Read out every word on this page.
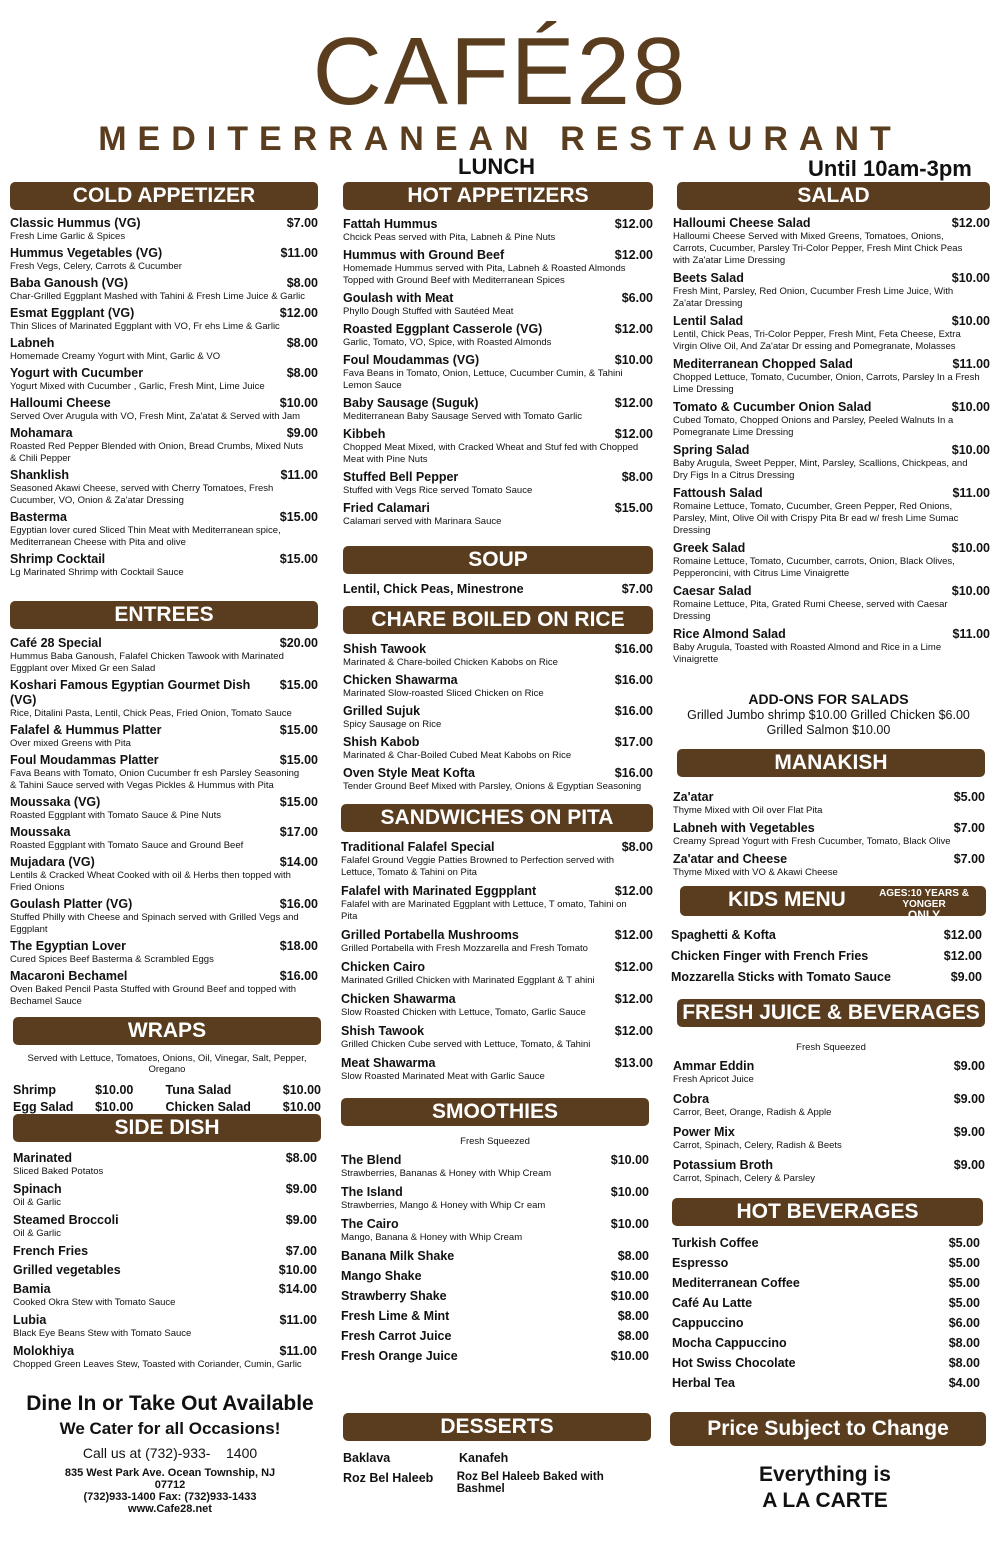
CAFÉ28
MEDITERRANEAN RESTAURANT
LUNCH	Until 10am-3pm
COLD APPETIZER
Classic Hummus (VG)	$7.00
Fresh Lime Garlic & Spices
Hummus Vegetables (VG)	$11.00
Fresh Vegs, Celery, Carrots & Cucumber
Baba Ganoush (VG)	$8.00
Char-Grilled Eggplant Mashed with Tahini & Fresh Lime Juice & Garlic
Esmat Eggplant (VG)	$12.00
Thin Slices of Marinated Eggplant with VO, Fr ehs Lime & Garlic
Labneh	$8.00
Homemade Creamy Yogurt with Mint, Garlic & VO
Yogurt with Cucumber	$8.00
Yogurt Mixed with Cucumber , Garlic, Fresh Mint, Lime Juice
Halloumi Cheese	$10.00
Served Over Arugula with VO, Fresh Mint, Za'atat & Served with Jam
Mohamara	$9.00
Roasted Red Pepper Blended with Onion, Bread Crumbs, Mixed Nuts & Chili Pepper
Shanklish	$11.00
Seasoned Akawi Cheese, served with Cherry Tomatoes, Fresh Cucumber, VO, Onion & Za'atar Dressing
Basterma	$15.00
Egyptian lover cured Sliced Thin Meat with Mediterranean spice, Mediterranean Cheese with Pita and olive
Shrimp Cocktail	$15.00
Lg Marinated Shrimp with Cocktail Sauce
ENTREES
Café 28 Special	$20.00
Hummus Baba Ganoush, Falafel Chicken Tawook with Marinated Eggplant over Mixed Gr een Salad
Koshari Famous Egyptian Gourmet Dish (VG)
$15.00
Rice, Ditalini Pasta, Lentil, Chick Peas, Fried Onion, Tomato Sauce
Falafel & Hummus Platter	$15.00
Over mixed Greens with Pita
Foul Moudammas Platter	$15.00
Fava Beans with Tomato, Onion Cucumber fr esh Parsley Seasoning & Tahini Sauce served with Vegas Pickles & Hummus with Pita
Moussaka (VG)	$15.00
Roasted Eggplant with Tomato Sauce & Pine Nuts
Moussaka	$17.00
Roasted Eggplant with Tomato Sauce and Ground Beef
Mujadara (VG)	$14.00
Lentils & Cracked Wheat Cooked with oil & Herbs then topped with Fried Onions
Goulash Platter (VG)	$16.00
Stuffed Philly with Cheese and Spinach served with Grilled Vegs and Eggplant
The Egyptian Lover	$18.00
Cured Spices Beef Basterma & Scrambled Eggs
Macaroni Bechamel	$16.00
Oven Baked Pencil Pasta Stuffed with Ground Beef and topped with Bechamel Sauce
WRAPS
Served with Lettuce, Tomatoes, Onions, Oil, Vinegar, Salt, Pepper, Oregano
Shrimp	$10.00	Tuna Salad	$10.00
Egg Salad	$10.00	Chicken Salad	$10.00
SIDE DISH
Marinated	$8.00
Sliced Baked Potatos
Spinach	$9.00
Oil & Garlic
Steamed Broccoli	$9.00
Oil & Garlic
French Fries	$7.00
Grilled vegetables	$10.00
Bamia	$14.00
Cooked Okra Stew with Tomato Sauce
Lubia	$11.00
Black Eye Beans Stew with Tomato Sauce
Molokhiya	$11.00
Chopped Green Leaves Stew, Toasted with Coriander, Cumin, Garlic
Dine In or Take Out Available
We Cater for all Occasions!
Call us at (732)-933-    1400
835 West Park Ave. Ocean Township, NJ
07712
(732)933-1400 Fax: (732)933-1433
www.Cafe28.net
HOT APPETIZERS
Fattah Hummus	$12.00
Chcick Peas served with Pita, Labneh & Pine Nuts
Hummus with Ground Beef	$12.00
Homemade Hummus served with Pita, Labneh & Roasted Almonds Topped with Ground Beef with Mediterranean Spices
Goulash with Meat	$6.00
Phyllo Dough Stuffed with Sautéed Meat
Roasted Eggplant Casserole (VG)	$12.00
Garlic, Tomato, VO, Spice, with Roasted Almonds
Foul Moudammas (VG)	$10.00
Fava Beans in Tomato, Onion, Lettuce, Cucumber Cumin, & Tahini Lemon Sauce
Baby Sausage (Suguk)	$12.00
Mediterranean Baby Sausage Served with Tomato Garlic
Kibbeh	$12.00
Chopped Meat Mixed, with Cracked Wheat and Stuf fed with Chopped Meat with Pine Nuts
Stuffed Bell Pepper	$8.00
Stuffed with Vegs Rice served Tomato Sauce
Fried Calamari	$15.00
Calamari served with Marinara Sauce
SOUP
Lentil, Chick Peas, Minestrone	$7.00
CHARE BOILED ON RICE
Shish Tawook	$16.00
Marinated & Chare-boiled Chicken Kabobs on Rice
Chicken Shawarma	$16.00
Marinated Slow-roasted Sliced Chicken on Rice
Grilled Sujuk	$16.00
Spicy Sausage on Rice
Shish Kabob	$17.00
Marinated & Char-Boiled Cubed Meat Kabobs on Rice
Oven Style Meat Kofta	$16.00
Tender Ground Beef Mixed with Parsley, Onions & Egyptian Seasoning
SANDWICHES ON PITA BREAD
Traditional Falafel Special	$8.00
Falafel Ground Veggie Patties Browned to Perfection served with Lettuce, Tomato & Tahini on Pita
Falafel with Marinated Eggpplant	$12.00
Falafel with are Marinated Eggplant with Lettuce, T omato, Tahini on Pita
Grilled Portabella Mushrooms	$12.00
Grilled Portabella with Fresh Mozzarella and Fresh Tomato
Chicken Cairo	$12.00
Marinated Grilled Chicken with Marinated Eggplant & T ahini
Chicken Shawarma	$12.00
Slow Roasted Chicken with Lettuce, Tomato, Garlic Sauce
Shish Tawook	$12.00
Grilled Chicken Cube served with Lettuce, Tomato, & Tahini
Meat Shawarma	$13.00
Slow Roasted Marinated Meat with Garlic Sauce
SMOOTHIES
Fresh Squeezed
The Blend	$10.00
Strawberries, Bananas & Honey with Whip Cream
The Island	$10.00
Strawberries, Mango & Honey with Whip Cr eam
The Cairo	$10.00
Mango, Banana & Honey with Whip Cream
Banana Milk Shake	$8.00
Mango Shake	$10.00
Strawberry Shake	$10.00
Fresh Lime & Mint	$8.00
Fresh Carrot Juice	$8.00
Fresh Orange Juice	$10.00
DESSERTS
Baklava	Kanafeh
Roz Bel Haleeb	Roz Bel Haleeb Baked with Bashmel
SALAD
Halloumi Cheese Salad	$12.00
Halloumi Cheese Served with Mixed Greens, Tomatoes, Onions, Carrots, Cucumber, Parsley Tri-Color Pepper, Fresh Mint Chick Peas with Za'atar Lime Dressing
Beets Salad	$10.00
Fresh Mint, Parsley, Red Onion, Cucumber Fresh Lime Juice, With Za'atar Dressing
Lentil Salad	$10.00
Lentil, Chick Peas, Tri-Color Pepper, Fresh Mint, Feta Cheese, Extra Virgin Olive Oil, And Za'atar Dr essing and Pomegranate, Molasses
Mediterranean Chopped Salad	$11.00
Chopped Lettuce, Tomato, Cucumber, Onion, Carrots, Parsley In a Fresh Lime Dressing
Tomato & Cucumber Onion Salad	$10.00
Cubed Tomato, Chopped Onions and Parsley, Peeled Walnuts In a Pomegranate Lime Dressing
Spring Salad	$10.00
Baby Arugula, Sweet Pepper, Mint, Parsley, Scallions, Chickpeas, and Dry Figs In a Citrus Dressing
Fattoush Salad	$11.00
Romaine Lettuce, Tomato, Cucumber, Green Pepper, Red Onions, Parsley, Mint, Olive Oil with Crispy Pita Br ead w/ fresh Lime Sumac Dressing
Greek Salad	$10.00
Romaine Lettuce, Tomato, Cucumber, carrots, Onion, Black Olives, Pepperoncini, with Citrus Lime Vinaigrette
Caesar Salad	$10.00
Romaine Lettuce, Pita, Grated Rumi Cheese, served with Caesar Dressing
Rice Almond Salad	$11.00
Baby Arugula, Toasted with Roasted Almond and Rice in a Lime Vinaigrette
ADD-ONS FOR SALADS
Grilled Jumbo shrimp $10.00 Grilled Chicken $6.00
Grilled Salmon $10.00
MANAKISH
Za'atar	$5.00
Thyme Mixed with Oil over Flat Pita
Labneh with Vegetables	$7.00
Creamy Spread Yogurt with Fresh Cucumber, Tomato, Black Olive
Za'atar and Cheese	$7.00
Thyme Mixed with VO & Akawi Cheese
KIDS MENU	AGES:10 YEARS & YONGER
ONLY
Spaghetti & Kofta	$12.00
Chicken Finger with French Fries	$12.00
Mozzarella Sticks with Tomato Sauce	$9.00
FRESH JUICE & BEVERAGES
Fresh Squeezed
Ammar Eddin	$9.00
Fresh Apricot Juice
Cobra	$9.00
Carror, Beet, Orange, Radish & Apple
Power Mix	$9.00
Carrot, Spinach, Celery, Radish & Beets
Potassium Broth	$9.00
Carrot, Spinach, Celery & Parsley
HOT BEVERAGES
Turkish Coffee	$5.00
Espresso	$5.00
Mediterranean Coffee	$5.00
Café Au Latte	$5.00
Cappuccino	$6.00
Mocha Cappuccino	$8.00
Hot Swiss Chocolate	$8.00
Herbal Tea	$4.00
Price Subject to Change
Everything is
A LA CARTE
